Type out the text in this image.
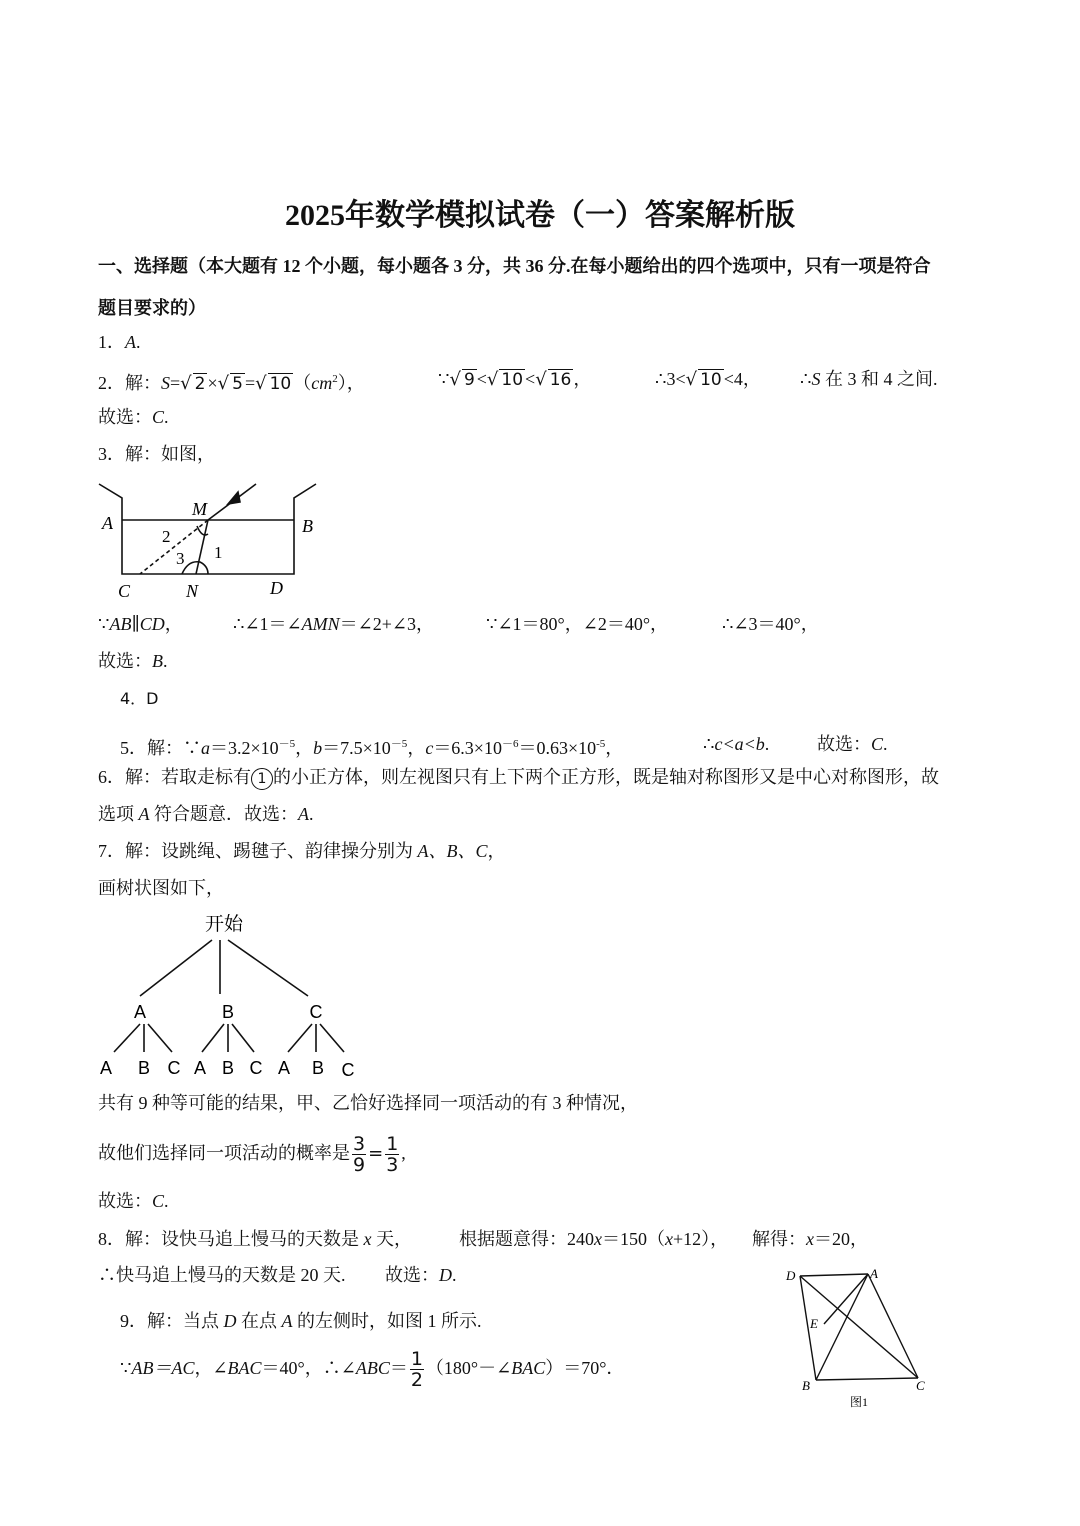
2025年数学模拟试卷（一）答案解析版
一、选择题（本大题有 12 个小题，每小题各 3 分，共 36 分.在每小题给出的四个选项中，只有一项是符合
题目要求的）
1．A.
2．解：S=√ 2 ×√ 5 =√ 10 $(cm^2)$，	∵√ 9 <√ 10 <√ 16 ，	∴3<√ 10 <4， ∴S 在 3 和 4 之间.
故选：C.
3．解：如图，
A	B
C	D
M
N
1
2
3
∵AB∥CD，	∴∠1＝∠AMN＝∠2+∠3，	∵∠1＝80°，∠2＝40°，	∴∠3＝40°，
故选：B.
4．D
5．解：$\because a=3.2\times 10^{-5}$，$b=7.5\times 10^{-5}$，$c=6.3\times 10^{-6}=0.63\times 10^{-5}$，	∴c<a<b.	故选：C.
6．解：若取走标有 1 的小正方体，则左视图只有上下两个正方形，既是轴对称图形又是中心对称图形，故
选项 A 符合题意．故选：A.
7．解：设跳绳、踢毽子、韵律操分别为 A、B、C，
画树状图如下，
开始
A	B	C
A B C A B C A B C
共有 9 种等可能的结果，甲、乙恰好选择同一项活动的有 3 种情况，
故他们选择同一项活动的概率是 $\frac{3}{9} = \frac{1}{3}$ ,
故选：C.
8．解：设快马追上慢马的天数是 x 天，	根据题意得：240x＝150（x+12）， 解得：x＝20，
∴快马追上慢马的天数是 20 天. 故选：D.
9．解：当点 D 在点 A 的左侧时，如图 1 所示.
∵AB＝AC，∠BAC＝40°，∴∠ABC＝ $\frac{1}{2}$ （180°－∠BAC）＝70°．
D	A
E
B	C
图1
